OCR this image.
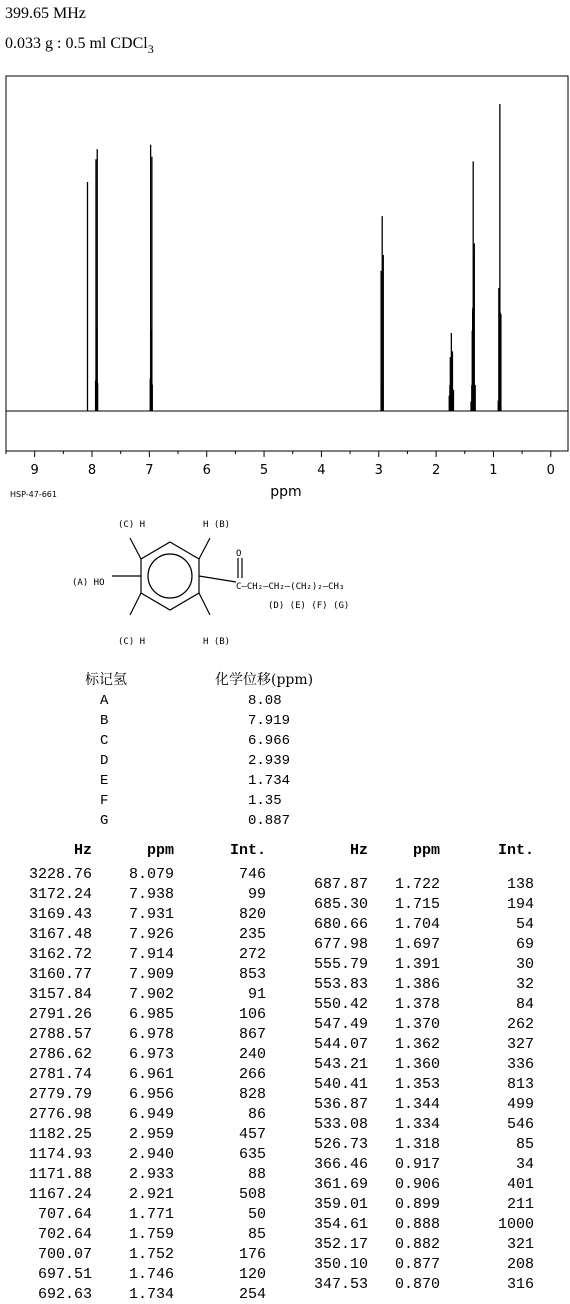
399.65 MHz
0.033 g : 0.5 ml CDCl$_3$
9	8	7	6	5	4	3	2	1	0
HSP-47-661	ppm
(C) H	H (B)
(C) H	H (B)
(A) HO
O
C—CH₂—CH₂—(CH₂)₂—CH₃
(D) (E) (F) (G)
标记氢	化学位移(ppm)
A	8.08
B	7.919
C	6.966
D	2.939
E	1.734
F	1.35
G	0.887
Hz	ppm	Int.	Hz	ppm	Int.
3228.76	8.079	746
3172.24	7.938	99
3169.43	7.931	820
3167.48	7.926	235
3162.72	7.914	272
3160.77	7.909	853
3157.84	7.902	91
2791.26	6.985	106
2788.57	6.978	867
2786.62	6.973	240
2781.74	6.961	266
2779.79	6.956	828
2776.98	6.949	86
1182.25	2.959	457
1174.93	2.940	635
1171.88	2.933	88
1167.24	2.921	508
707.64	1.771	50
702.64	1.759	85
700.07	1.752	176
697.51	1.746	120
692.63	1.734	254
687.87	1.722	138
685.30	1.715	194
680.66	1.704	54
677.98	1.697	69
555.79	1.391	30
553.83	1.386	32
550.42	1.378	84
547.49	1.370	262
544.07	1.362	327
543.21	1.360	336
540.41	1.353	813
536.87	1.344	499
533.08	1.334	546
526.73	1.318	85
366.46	0.917	34
361.69	0.906	401
359.01	0.899	211
354.61	0.888	1000
352.17	0.882	321
350.10	0.877	208
347.53	0.870	316
